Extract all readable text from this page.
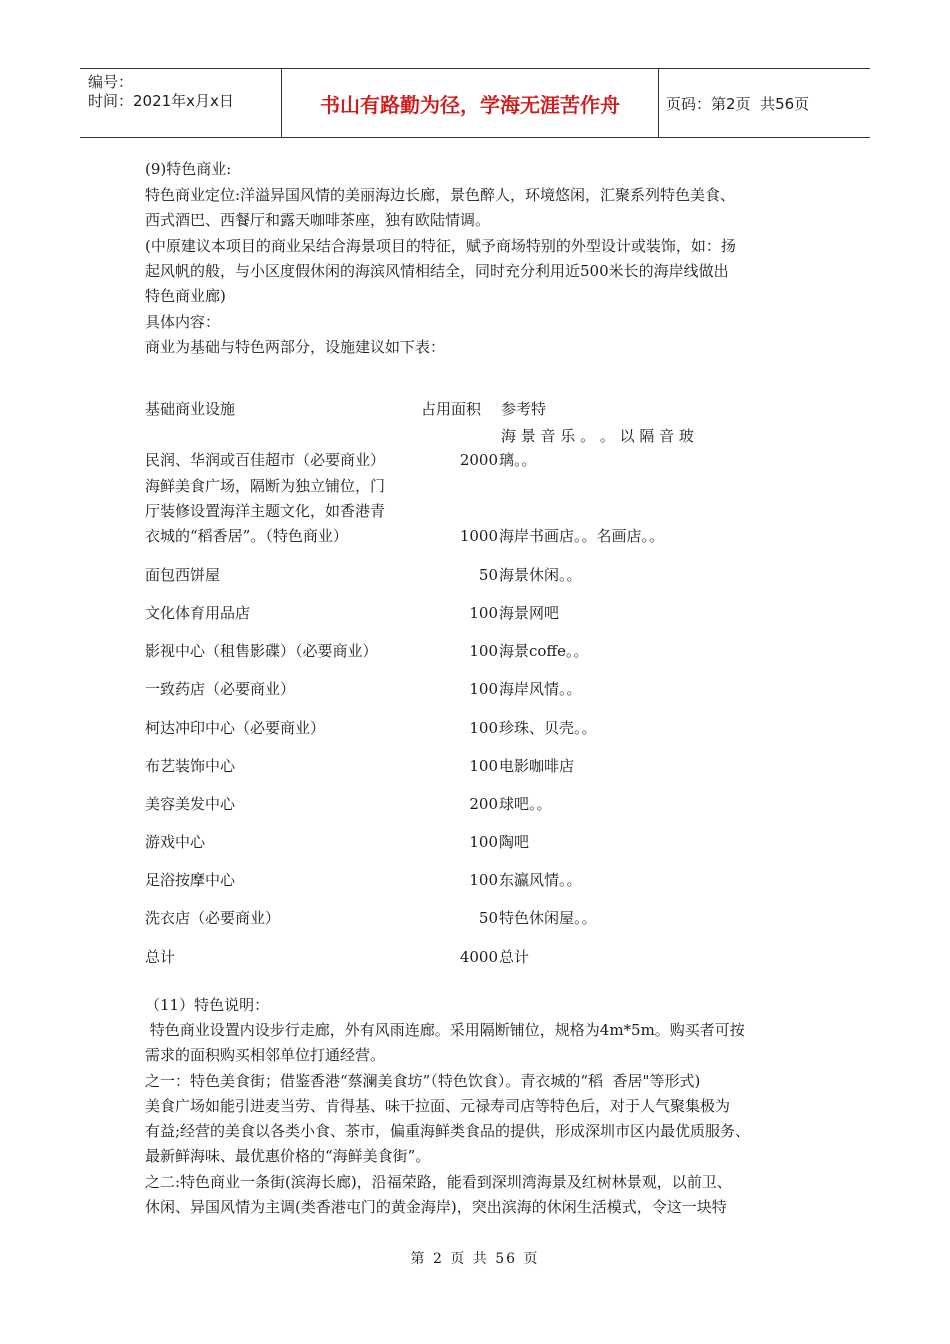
编号：
时间：2021年x月x日	书山有路勤为径，学海无涯苦作舟	页码： 第2页  共56页
(9)特色商业:
特色商业定位:洋溢异国风情的美丽海边长廊，景色醉人，环境悠闲，汇聚系列特色美食、
西式酒巴、西餐厅和露天咖啡茶座，独有欧陆情调。
(中原建议本项目的商业呆结合海景项目的特征，赋予商场特别的外型设计或装饰，如：扬
起风帆的般，与小区度假休闲的海滨风情相结全，同时充分利用近500米长的海岸线做出
特色商业廊)
具体内容：
商业为基础与特色两部分，设施建议如下表：
基础商业设施	占用面积 参考特
海 景 音 乐 。 。 以 隔 音 玻
民润、华润或百佳超市（必要商业）	2000 璃。。
海鲜美食广场，隔断为独立铺位，门
厅装修设置海洋主题文化，如香港青
衣城的“稻香居”。（特色商业）	1000 海岸书画店。。名画店。。
面包西饼屋	50 海景休闲。。
文化体育用品店	100 海景网吧
影视中心（租售影碟）（必要商业）	100 海景coffe。。
一致药店（必要商业）	100 海岸风情。。
柯达冲印中心（必要商业）	100 珍珠、贝壳。。
布艺装饰中心	100 电影咖啡店
美容美发中心	200 球吧。。
游戏中心	100 陶吧
足浴按摩中心	100 东瀛风情。。
洗衣店（必要商业）	50 特色休闲屋。。
总计	4000 总计
（11）特色说明：
特色商业设置内设步行走廊，外有风雨连廊。采用隔断铺位，规格为4m*5m。购买者可按
需求的面积购买相邻单位打通经营。
之一：特色美食街；借鉴香港“蔡澜美食坊”（特色饮食）。青衣城的“稻  香居"等形式)
美食广场如能引进麦当劳、肯得基、味干拉面、元禄寿司店等特色后，对于人气聚集极为
有益;经营的美食以各类小食、茶市，偏重海鲜类食品的提供，形成深圳市区内最优质服务、
最新鲜海味、最优惠价格的“海鲜美食街”。
之二:特色商业一条街(滨海长廊)，沿福荣路，能看到深圳湾海景及红树林景观，以前卫、
休闲、异国风情为主调(类香港屯门的黄金海岸)，突出滨海的休闲生活模式，令这一块特
第 2 页 共 56 页
